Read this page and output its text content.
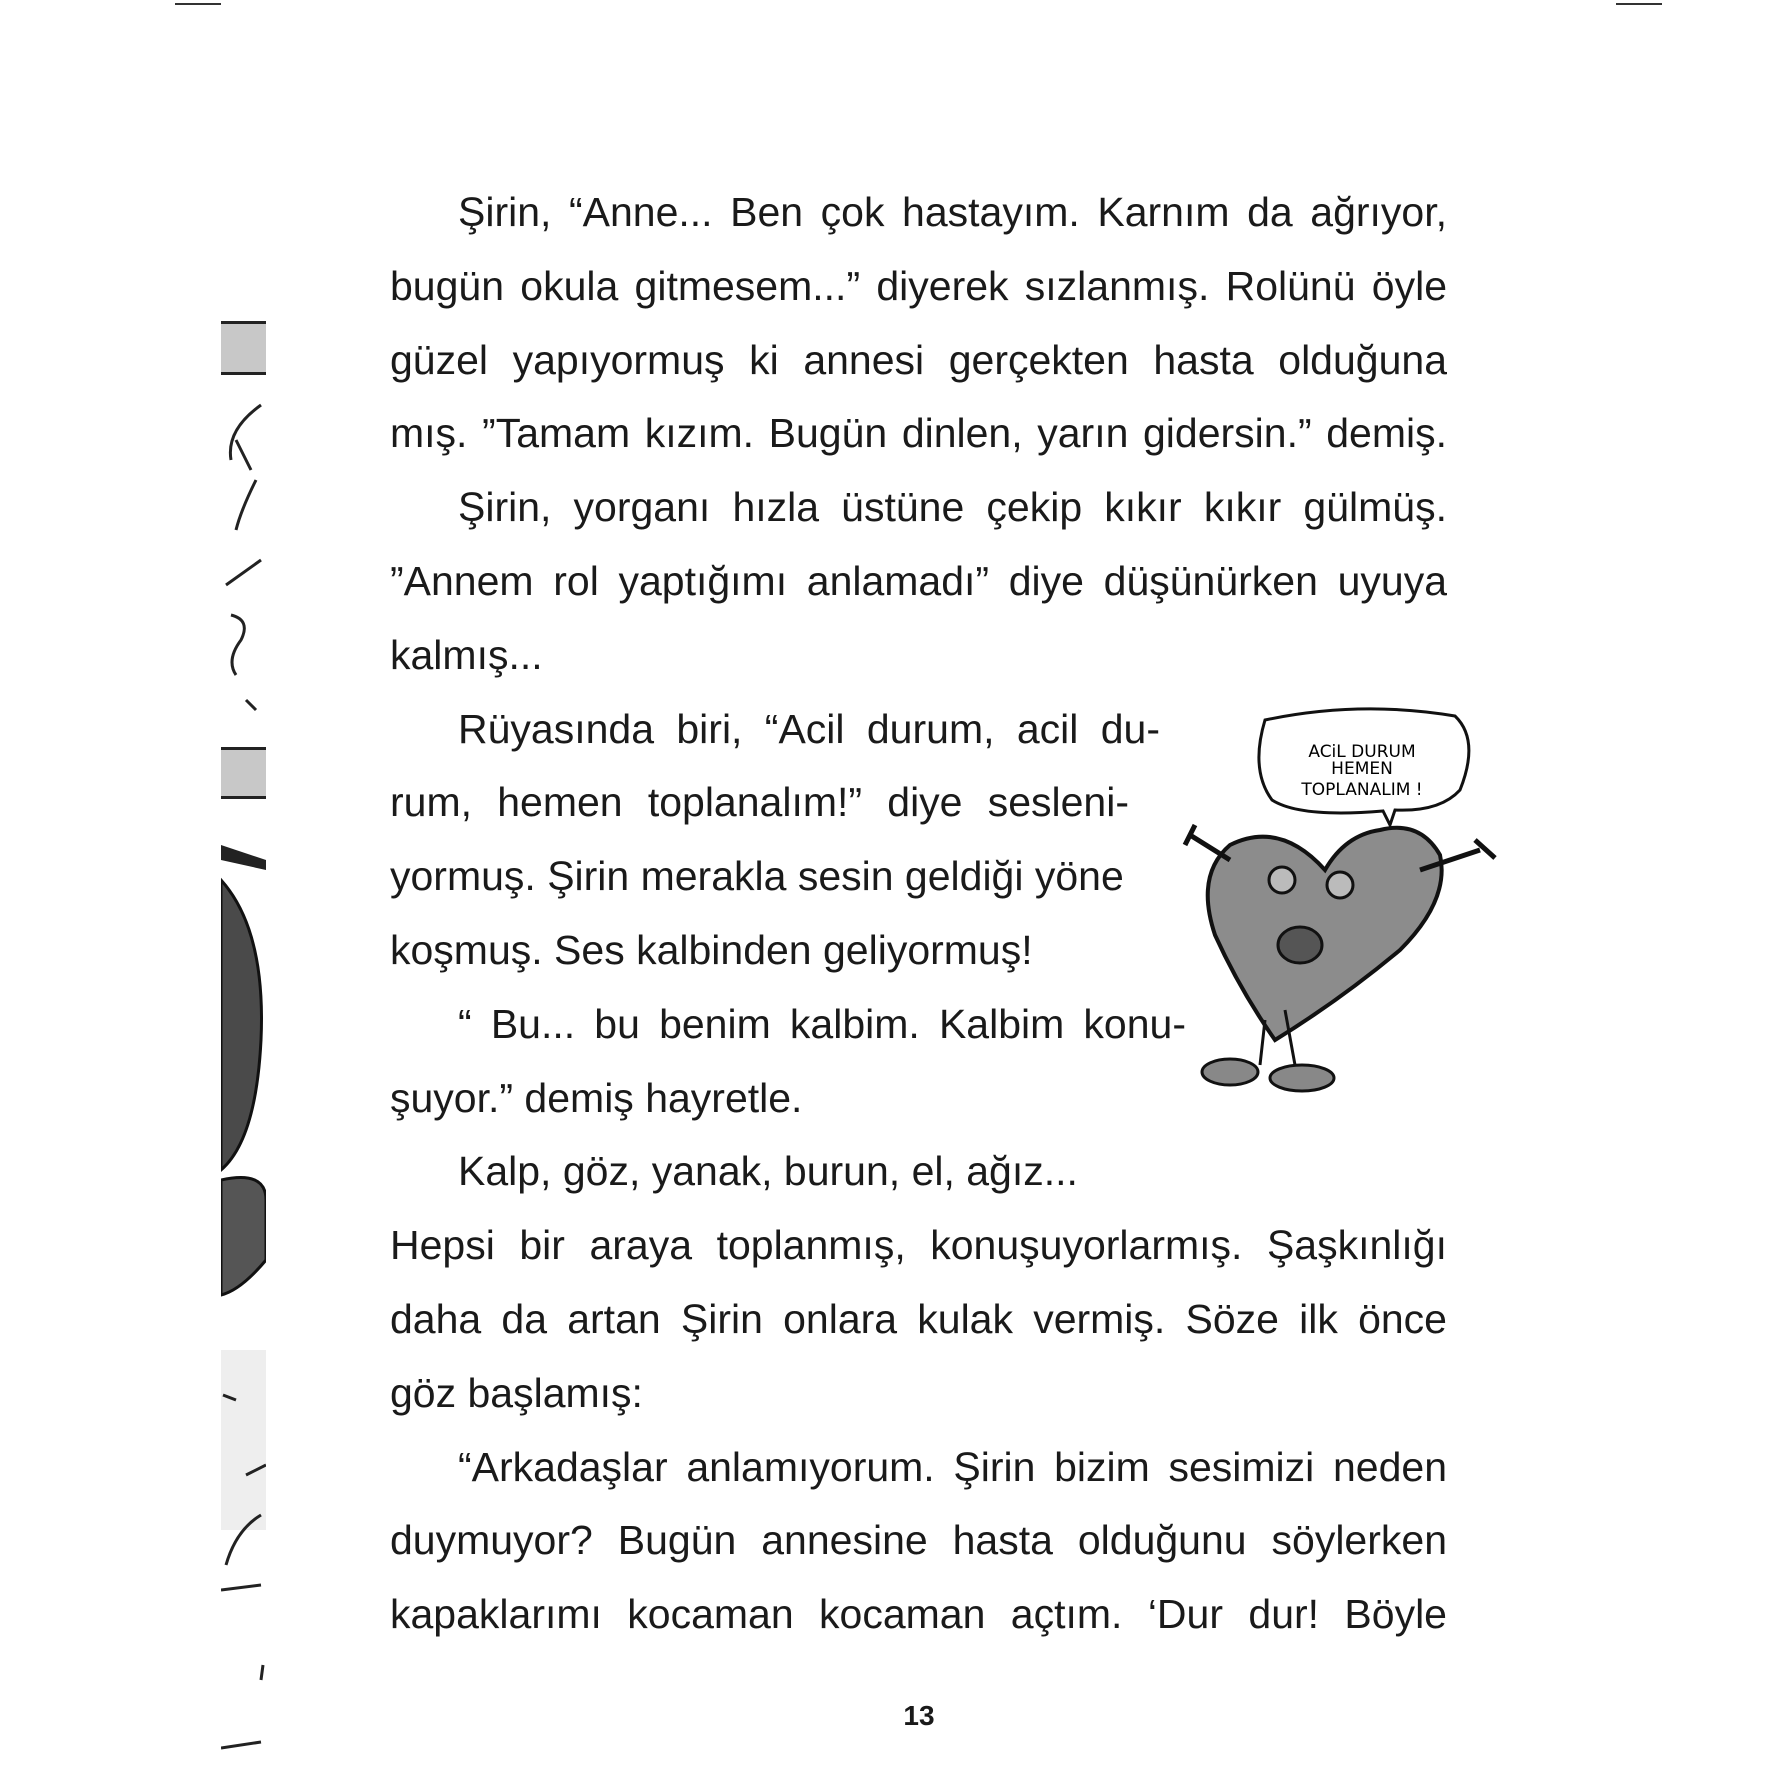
Şirin, “Anne... Ben çok hastayım. Karnım da ağrıyor,
bugün okula gitmesem...” diyerek sızlanmış. Rolünü öyle
güzel yapıyormuş ki annesi gerçekten hasta olduğuna
mış. ”Tamam kızım. Bugün dinlen, yarın gidersin.” demiş.
Şirin, yorganı hızla üstüne çekip kıkır kıkır gülmüş.
”Annem rol yaptığımı anlamadı” diye düşünürken uyuya
kalmış...
Rüyasında biri, “Acil durum, acil du-
rum, hemen toplanalım!” diye sesleni-
yormuş. Şirin merakla sesin geldiği yöne
koşmuş. Ses kalbinden geliyormuş!
“ Bu... bu benim kalbim. Kalbim konu-
şuyor.” demiş hayretle.
Kalp, göz, yanak, burun, el, ağız...
Hepsi bir araya toplanmış, konuşuyorlarmış. Şaşkınlığı
daha da artan Şirin onlara kulak vermiş. Söze ilk önce
göz başlamış:
“Arkadaşlar anlamıyorum. Şirin bizim sesimizi neden
duymuyor? Bugün annesine hasta olduğunu söylerken
kapaklarımı kocaman kocaman açtım. ‘Dur dur! Böyle
ACiL DURUM
HEMEN
TOPLANALIM !
13
